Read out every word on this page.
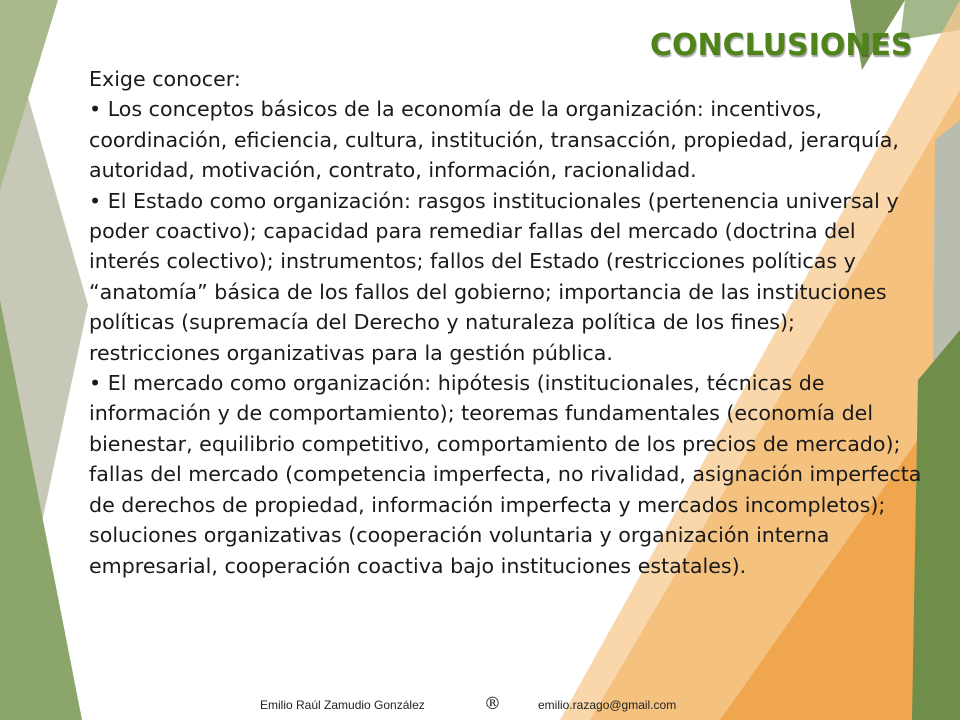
CONCLUSIONES

Exige conocer:

• Los conceptos básicos de la economía de la organización: incentivos, coordinación, eficiencia, cultura, institución, transacción, propiedad, jerarquía, autoridad, motivación, contrato, información, racionalidad.

• El Estado como organización: rasgos institucionales (pertenencia universal y poder coactivo); capacidad para remediar fallas del mercado (doctrina del interés colectivo); instrumentos; fallos del Estado (restricciones políticas y “anatomía” básica de los fallos del gobierno; importancia de las instituciones políticas (supremacía del Derecho y naturaleza política de los fines); restricciones organizativas para la gestión pública.

• El mercado como organización: hipótesis (institucionales, técnicas de información y de comportamiento); teoremas fundamentales (economía del bienestar, equilibrio competitivo, comportamiento de los precios de mercado); fallas del mercado (competencia imperfecta, no rivalidad, asignación imperfecta de derechos de propiedad, información imperfecta y mercados incompletos); soluciones organizativas (cooperación voluntaria y organización interna empresarial, cooperación coactiva bajo instituciones estatales).

Emilio Raúl Zamudio González	®	emilio.razago@gmail.com
